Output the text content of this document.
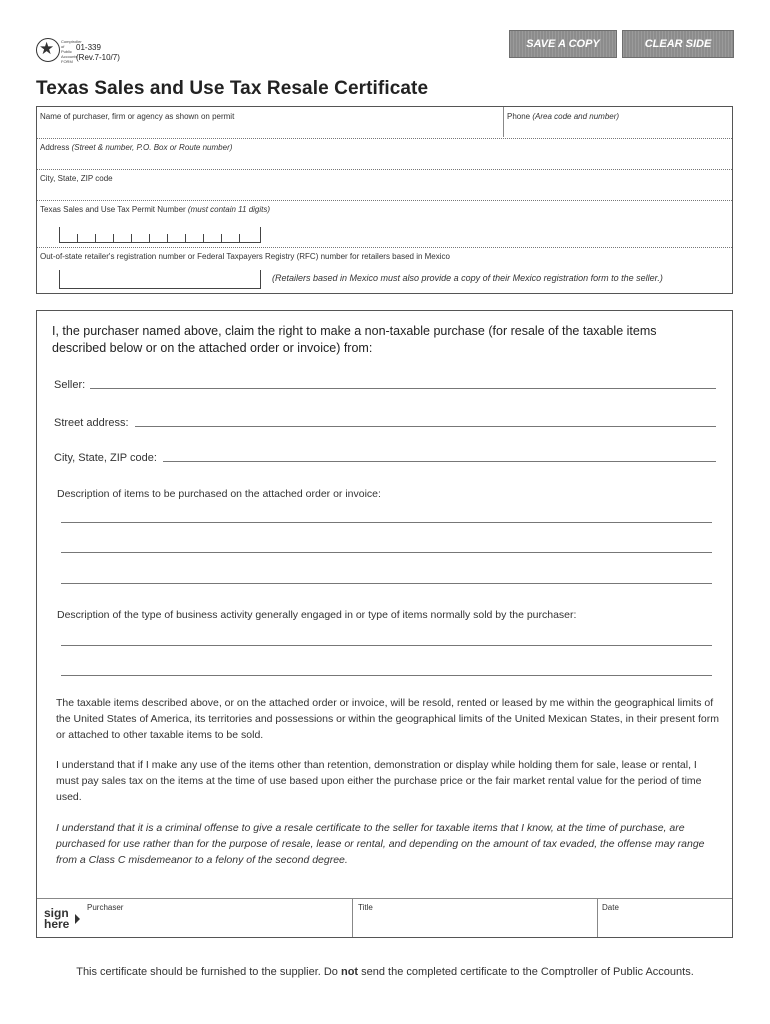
★ Comptroller of Public Accounts FORM
01-339
(Rev.7-10/7)
SAVE A COPY	CLEAR SIDE
Texas Sales and Use Tax Resale Certificate
Name of purchaser, firm or agency as shown on permit	Phone (Area code and number)
Address (Street & number, P.O. Box or Route number)
City, State, ZIP code
Texas Sales and Use Tax Permit Number (must contain 11 digits)
Out-of-state retailer's registration number or Federal Taxpayers Registry (RFC) number for retailers based in Mexico
(Retailers based in Mexico must also provide a copy of their Mexico registration form to the seller.)
I, the purchaser named above, claim the right to make a non-taxable purchase (for resale of the taxable items described below or on the attached order or invoice) from:
Seller:
Street address:
City, State, ZIP code:
Description of items to be purchased on the attached order or invoice:
Description of the type of business activity generally engaged in or type of items normally sold by the purchaser:
The taxable items described above, or on the attached order or invoice, will be resold, rented or leased by me within the geographical limits of the United States of America, its territories and possessions or within the geographical limits of the United Mexican States, in their present form or attached to other taxable items to be sold.
I understand that if I make any use of the items other than retention, demonstration or display while holding them for sale, lease or rental, I must pay sales tax on the items at the time of use based upon either the purchase price or the fair market rental value for the period of time used.
I understand that it is a criminal offense to give a resale certificate to the seller for taxable items that I know, at the time of purchase, are purchased for use rather than for the purpose of resale, lease or rental, and depending on the amount of tax evaded, the offense may range from a Class C misdemeanor to a felony of the second degree.
sign
here
Purchaser	Title	Date
This certificate should be furnished to the supplier. Do not send the completed certificate to the Comptroller of Public Accounts.
